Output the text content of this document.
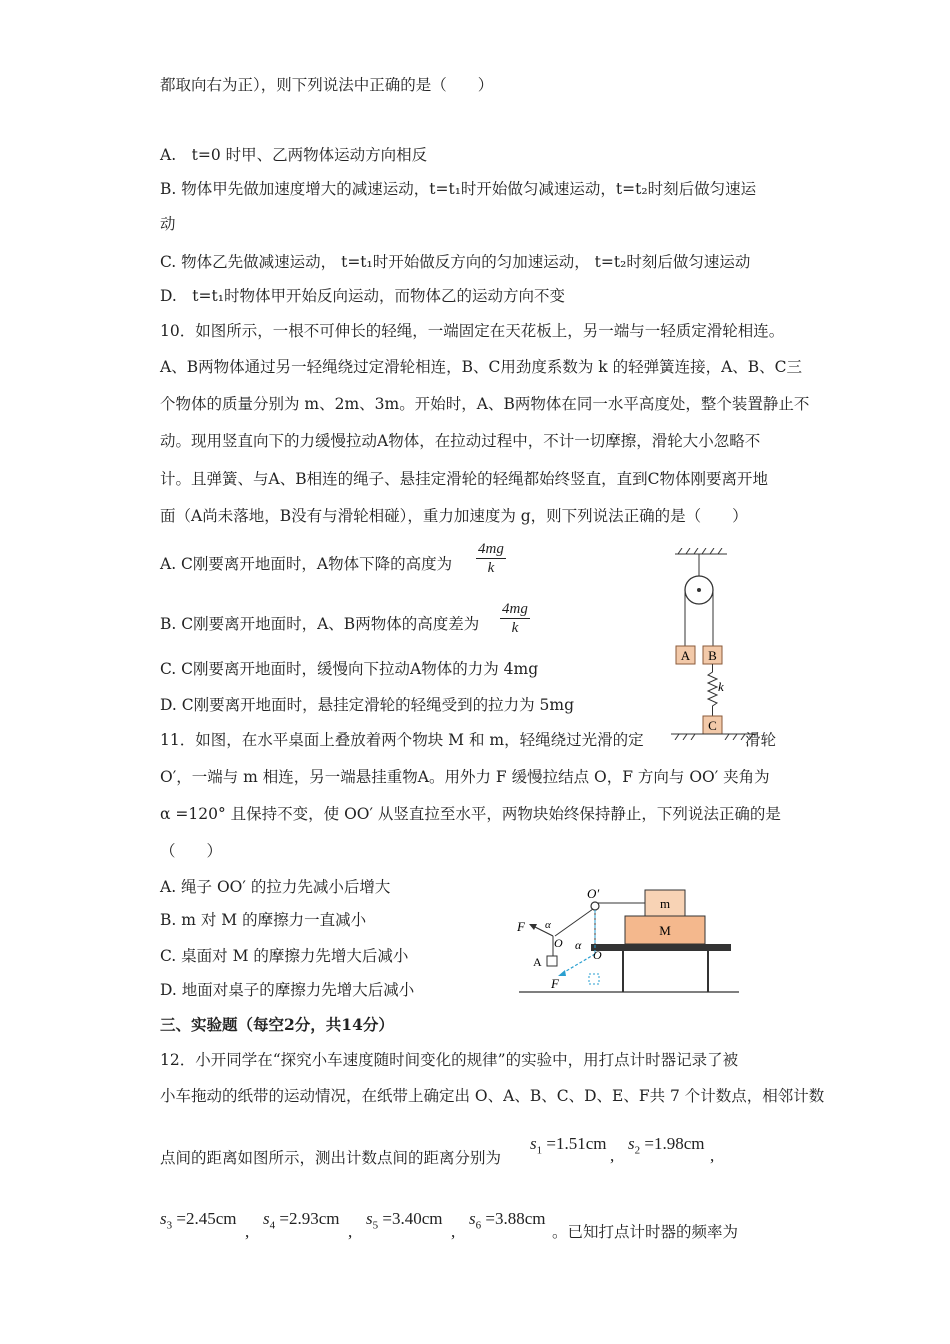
都取向右为正），则下列说法中正确的是（　　）
A.　t=0 时甲、乙两物体运动方向相反
B. 物体甲先做加速度增大的减速运动，t=t₁时开始做匀减速运动，t=t₂时刻后做匀速运
动
C. 物体乙先做减速运动， t=t₁时开始做反方向的匀加速运动， t=t₂时刻后做匀速运动
D.　t=t₁时物体甲开始反向运动，而物体乙的运动方向不变
10．如图所示，一根不可伸长的轻绳，一端固定在天花板上，另一端与一轻质定滑轮相连。
A、B两物体通过另一轻绳绕过定滑轮相连，B、C用劲度系数为 k 的轻弹簧连接，A、B、C三
个物体的质量分别为 m、2m、3m。开始时，A、B两物体在同一水平高度处，整个装置静止不
动。现用竖直向下的力缓慢拉动A物体，在拉动过程中，不计一切摩擦，滑轮大小忽略不
计。且弹簧、与A、B相连的绳子、悬挂定滑轮的轻绳都始终竖直，直到C物体刚要离开地
面（A尚未落地，B没有与滑轮相碰），重力加速度为 g，则下列说法正确的是（　　）
A. C刚要离开地面时，A物体下降的高度为 $\frac{4mg}{k}$
B. C刚要离开地面时，A、B两物体的高度差为 $\frac{4mg}{k}$
C. C刚要离开地面时，缓慢向下拉动A物体的力为 4mg
D. C刚要离开地面时，悬挂定滑轮的轻绳受到的拉力为 5mg
A B
k
C
11．如图，在水平桌面上叠放着两个物块 M 和 m，轻绳绕过光滑的定	滑轮
O′，一端与 m 相连，另一端悬挂重物A。用外力 F 缓慢拉结点 O，F 方向与 OO′ 夹角为
α =120° 且保持不变，使 OO′ 从竖直拉至水平，两物块始终保持静止，下列说法正确的是
（　　）
A. 绳子 OO′ 的拉力先减小后增大
B. m 对 M 的摩擦力一直减小
C. 桌面对 M 的摩擦力先增大后减小
D. 地面对桌子的摩擦力先增大后减小
m
M
O′
F α
O
A
F
α
O
三、实验题（每空2分，共14分）
12．小开同学在“探究小车速度随时间变化的规律”的实验中，用打点计时器记录了被
小车拖动的纸带的运动情况，在纸带上确定出 O、A、B、C、D、E、F共 7 个计数点，相邻计数
点间的距离如图所示，测出计数点间的距离分别为
$s_1 =1.51cm$
,
$s_2 =1.98cm$
,
$s_3 =2.45cm$
,
$s_4 =2.93cm$
,
$s_5 =3.40cm$
,
$s_6 =3.88cm$
。已知打点计时器的频率为
